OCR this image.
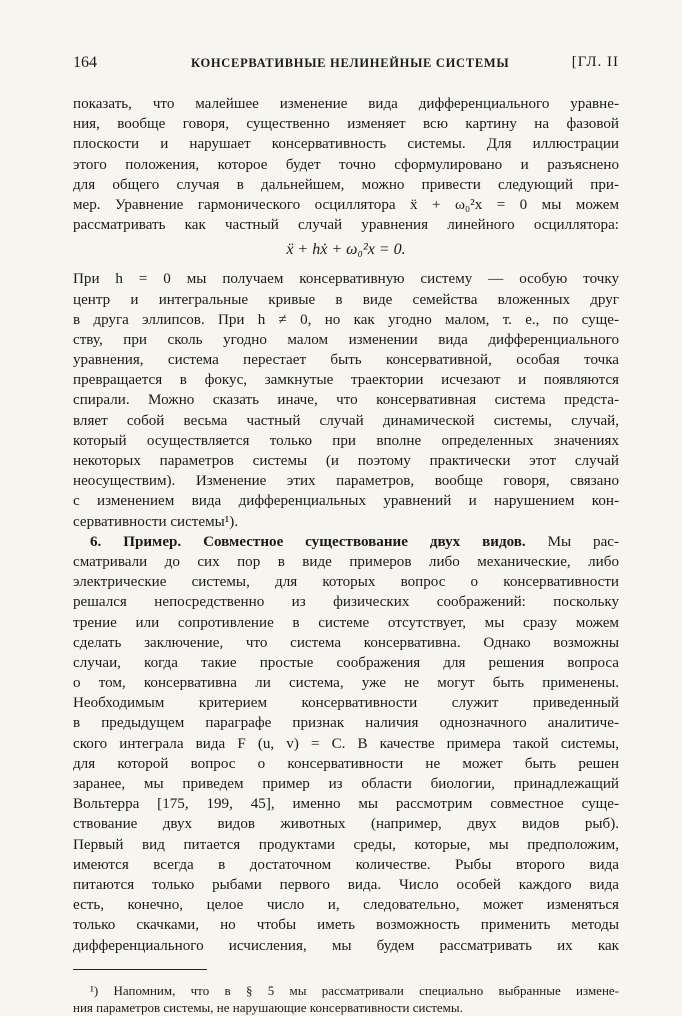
164	КОНСЕРВАТИВНЫЕ НЕЛИНЕЙНЫЕ СИСТЕМЫ	[ГЛ. II
показать, что малейшее изменение вида дифференциального уравне-
ния, вообще говоря, существенно изменяет всю картину на фазовой
плоскости и нарушает консервативность системы. Для иллюстрации
этого положения, которое будет точно сформулировано и разъяснено
для общего случая в дальнейшем, можно привести следующий при-
мер. Уравнение гармонического осциллятора ẍ + ω₀²x = 0 мы можем
рассматривать как частный случай уравнения линейного осциллятора:
ẍ + hẋ + ω₀²x = 0.
При h = 0 мы получаем консервативную систему — особую точку
центр и интегральные кривые в виде семейства вложенных друг
в друга эллипсов. При h ≠ 0, но как угодно малом, т. е., по суще-
ству, при сколь угодно малом изменении вида дифференциального
уравнения, система перестает быть консервативной, особая точка
превращается в фокус, замкнутые траектории исчезают и появляются
спирали. Можно сказать иначе, что консервативная система предста-
вляет собой весьма частный случай динамической системы, случай,
который осуществляется только при вполне определенных значениях
некоторых параметров системы (и поэтому практически этот случай
неосуществим). Изменение этих параметров, вообще говоря, связано
с изменением вида дифференциальных уравнений и нарушением кон-
сервативности системы¹).
6. Пример. Совместное существование двух видов. Мы рас-
сматривали до сих пор в виде примеров либо механические, либо
электрические системы, для которых вопрос о консервативности
решался непосредственно из физических соображений: поскольку
трение или сопротивление в системе отсутствует, мы сразу можем
сделать заключение, что система консервативна. Однако возможны
случаи, когда такие простые соображения для решения вопроса
о том, консервативна ли система, уже не могут быть применены.
Необходимым критерием консервативности служит приведенный
в предыдущем параграфе признак наличия однозначного аналитиче-
ского интеграла вида F (u, v) = C. В качестве примера такой системы,
для которой вопрос о консервативности не может быть решен
заранее, мы приведем пример из области биологии, принадлежащий
Вольтерра [175, 199, 45], именно мы рассмотрим совместное суще-
ствование двух видов животных (например, двух видов рыб).
Первый вид питается продуктами среды, которые, мы предположим,
имеются всегда в достаточном количестве. Рыбы второго вида
питаются только рыбами первого вида. Число особей каждого вида
есть, конечно, целое число и, следовательно, может изменяться
только скачками, но чтобы иметь возможность применить методы
дифференциального исчисления, мы будем рассматривать их как
¹) Напомним, что в § 5 мы рассматривали специально выбранные измене-
ния параметров системы, не нарушающие консервативности системы.
